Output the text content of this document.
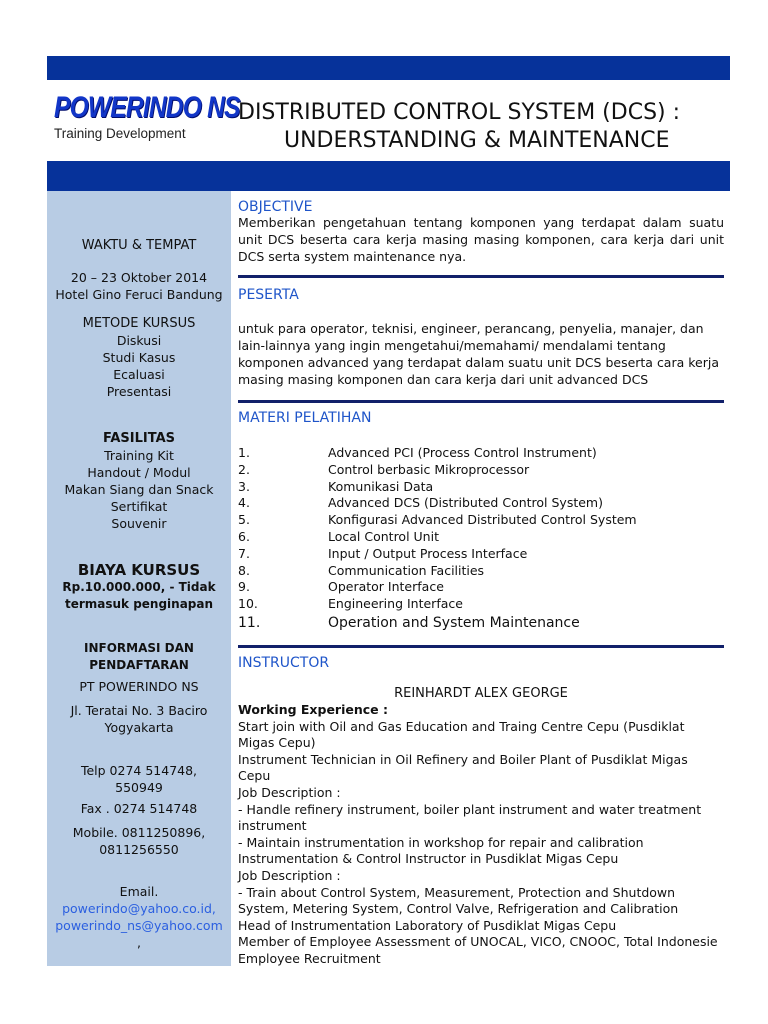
POWERINDO NS
Training Development
DISTRIBUTED CONTROL SYSTEM (DCS) :
UNDERSTANDING & MAINTENANCE
WAKTU & TEMPAT
20 – 23 Oktober 2014
Hotel Gino Feruci Bandung
METODE KURSUS
Diskusi
Studi Kasus
Ecaluasi
Presentasi
FASILITAS
Training Kit
Handout / Modul
Makan Siang dan Snack
Sertifikat
Souvenir
BIAYA KURSUS
Rp.10.000.000, - Tidak
termasuk penginapan
INFORMASI DAN
PENDAFTARAN
PT POWERINDO NS
Jl. Teratai No. 3 Baciro
Yogyakarta
Telp 0274 514748,
550949
Fax . 0274 514748
Mobile. 0811250896,
0811256550
Email.
powerindo@yahoo.co.id,
powerindo_ns@yahoo.com
,
OBJECTIVE
Memberikan pengetahuan tentang komponen yang terdapat dalam suatu unit DCS beserta cara kerja masing masing komponen, cara kerja dari unit DCS serta system maintenance nya.
PESERTA
untuk para operator, teknisi, engineer, perancang, penyelia, manajer, dan lain-lainnya yang ingin mengetahui/memahami/ mendalami tentang komponen advanced yang terdapat dalam suatu unit DCS beserta cara kerja masing masing komponen dan cara kerja dari unit advanced DCS
MATERI PELATIHAN
1.	Advanced PCI (Process Control Instrument)
2.	Control berbasic Mikroprocessor
3.	Komunikasi Data
4.	Advanced DCS (Distributed Control System)
5.	Konfigurasi Advanced Distributed Control System
6.	Local Control Unit
7.	Input / Output Process Interface
8.	Communication Facilities
9.	Operator Interface
10.	Engineering Interface
11.	Operation and System Maintenance
INSTRUCTOR
REINHARDT ALEX GEORGE
Working Experience :
Start join with Oil and Gas Education and Traing Centre Cepu (Pusdiklat
Migas Cepu)
Instrument Technician in Oil Refinery and Boiler Plant of Pusdiklat Migas
Cepu
Job Description :
- Handle refinery instrument, boiler plant instrument and water treatment
instrument
- Maintain instrumentation in workshop for repair and calibration
Instrumentation & Control Instructor in Pusdiklat Migas Cepu
Job Description :
- Train about Control System, Measurement, Protection and Shutdown
System, Metering System, Control Valve, Refrigeration and Calibration
Head of Instrumentation Laboratory of Pusdiklat Migas Cepu
Member of Employee Assessment of UNOCAL, VICO, CNOOC, Total Indonesie
Employee Recruitment
